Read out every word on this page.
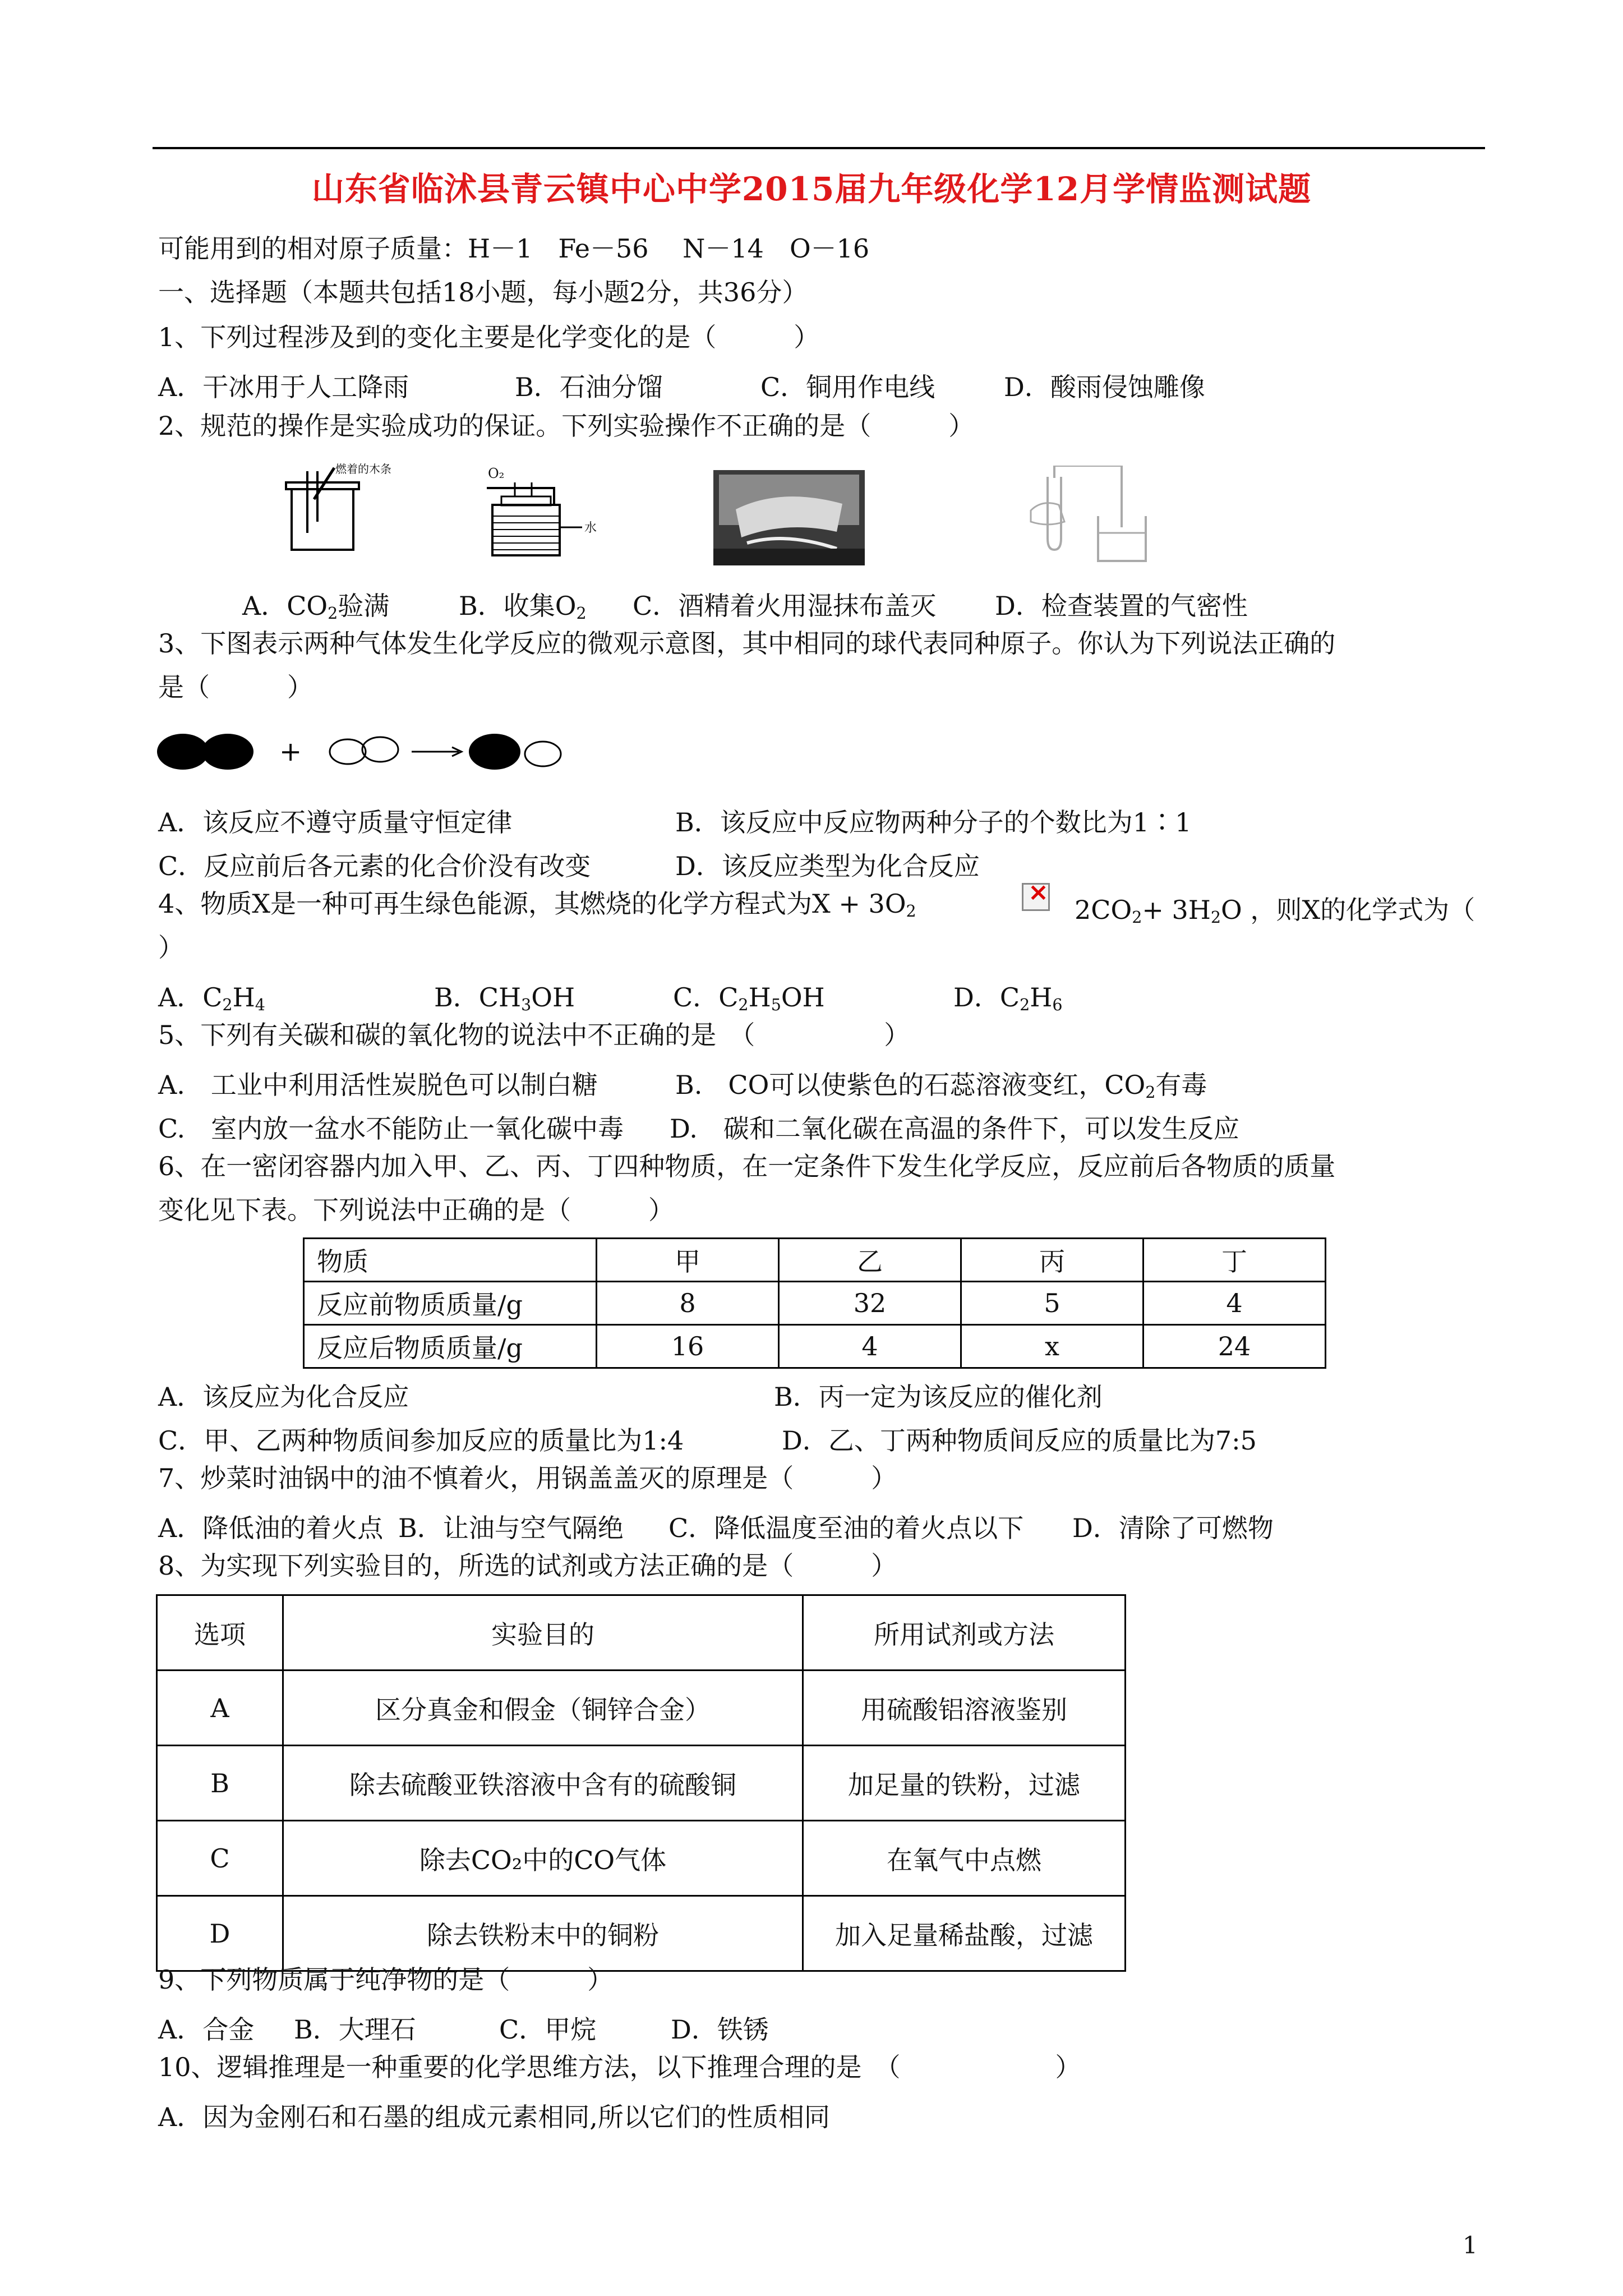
山东省临沭县青云镇中心中学2015届九年级化学12月学情监测试题
可能用到的相对原子质量：H－1　Fe－56　 N－14　O－16
一、选择题（本题共包括18小题，每小题2分，共36分）
1、下列过程涉及到的变化主要是化学变化的是（　　　）
A．干冰用于人工降雨	B．石油分馏	C．铜用作电线	D．酸雨侵蚀雕像
2、规范的操作是实验成功的保证。下列实验操作不正确的是（　　　）
燃着的木条	O₂
水
A．$CO_2$验满	B．收集$O_2$ C．酒精着火用湿抹布盖灭 D．检查装置的气密性
3、下图表示两种气体发生化学反应的微观示意图，其中相同的球代表同种原子。你认为下列说法正确的
是（　　　）
+
A．该反应不遵守质量守恒定律	B．该反应中反应物两种分子的个数比为1∶1
C．反应前后各元素的化合价没有改变	D．该反应类型为化合反应
4、物质X是一种可再生绿色能源，其燃烧的化学方程式为$X + 3O_2$ ×	$2CO_2+ 3H_2O$ ，则X的化学式为（
）
A．$C_2H_4$	B．$CH_3OH$	C．$C_2H_5OH$	D．$C_2H_6$
5、下列有关碳和碳的氧化物的说法中不正确的是　（　　　　　）
A.　工业中利用活性炭脱色可以制白糖	B.　CO可以使紫色的石蕊溶液变红，$CO_2$有毒
C.　室内放一盆水不能防止一氧化碳中毒 D.　碳和二氧化碳在高温的条件下，可以发生反应
6、在一密闭容器内加入甲、乙、丙、丁四种物质，在一定条件下发生化学反应，反应前后各物质的质量
变化见下表。下列说法中正确的是（　　　）
物质	甲	乙	丙	丁
反应前物质质量/g	8	32	5	4
反应后物质质量/g	16	4	x	24
A．该反应为化合反应	B．丙一定为该反应的催化剂
C．甲、乙两种物质间参加反应的质量比为1:4	D．乙、丁两种物质间反应的质量比为7:5
7、炒菜时油锅中的油不慎着火，用锅盖盖灭的原理是（　　　）
A．降低油的着火点 B．让油与空气隔绝 C．降低温度至油的着火点以下 D．清除了可燃物
8、为实现下列实验目的，所选的试剂或方法正确的是（　　　）
选项	实验目的	所用试剂或方法
A	区分真金和假金（铜锌合金）	用硫酸铝溶液鉴别
B	除去硫酸亚铁溶液中含有的硫酸铜	加足量的铁粉，过滤
C	除去CO₂中的CO气体	在氧气中点燃
D	除去铁粉末中的铜粉	加入足量稀盐酸，过滤
9、下列物质属于纯净物的是（　　　）
A．合金 B．大理石	C．甲烷	D．铁锈
10、逻辑推理是一种重要的化学思维方法，以下推理合理的是　（　　　　　　）
A．因为金刚石和石墨的组成元素相同,所以它们的性质相同
1
